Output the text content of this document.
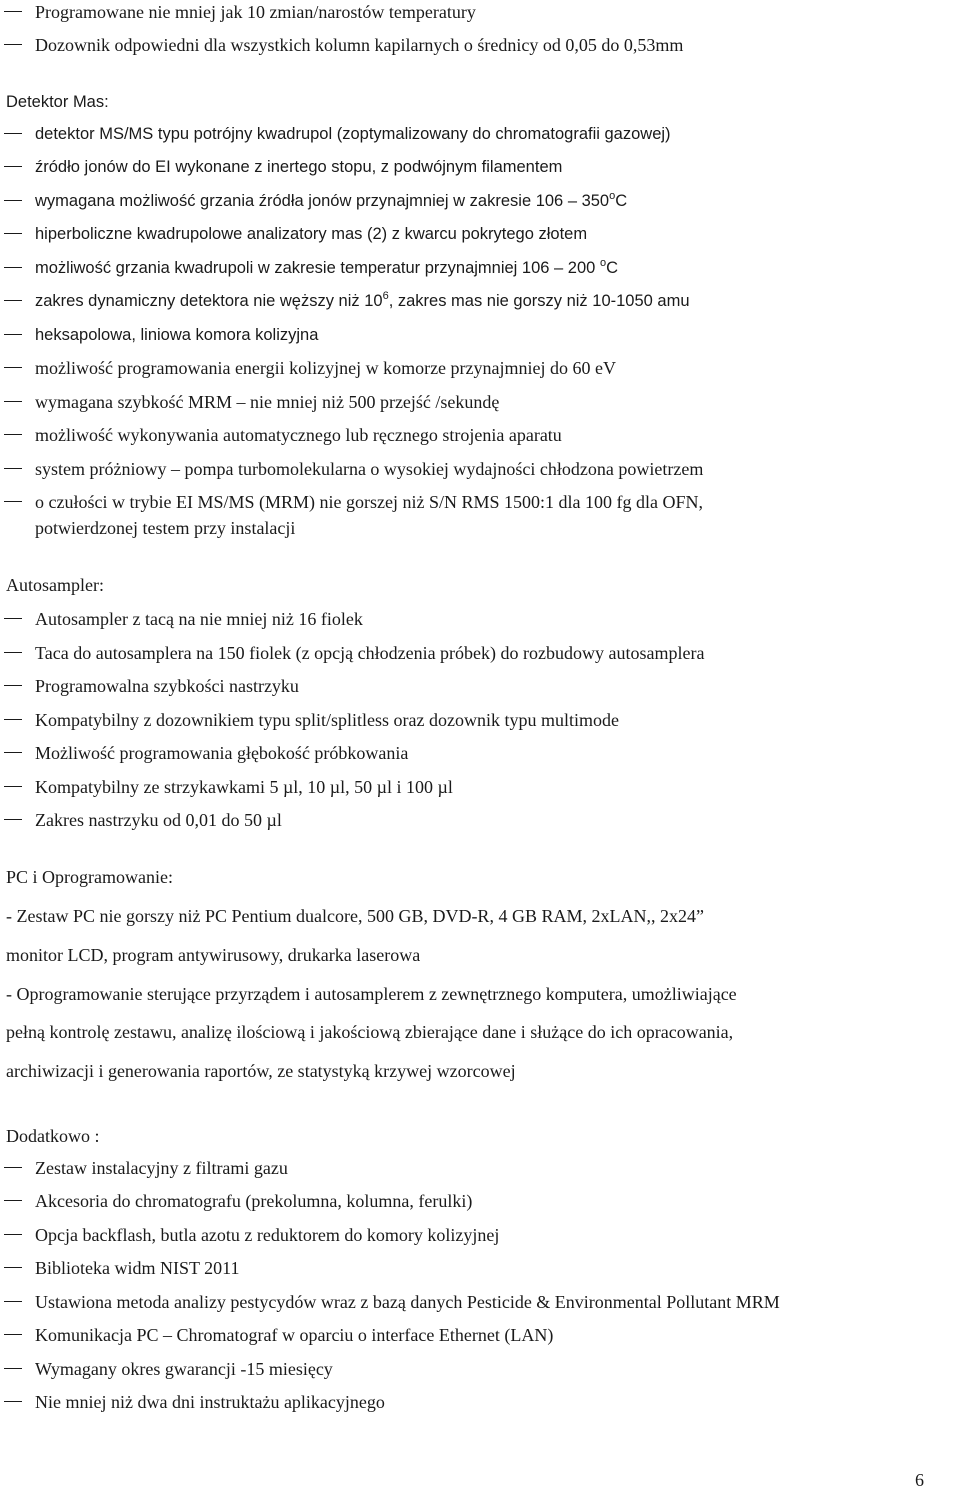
Programowane nie mniej jak 10 zmian/narostów temperatury
Dozownik odpowiedni dla wszystkich kolumn kapilarnych o średnicy od 0,05 do 0,53mm
Detektor Mas:
detektor MS/MS typu potrójny kwadrupol (zoptymalizowany do chromatografii gazowej)
źródło jonów do EI wykonane z inertego stopu, z podwójnym filamentem
wymagana możliwość grzania źródła jonów przynajmniej w zakresie 106 – 350$^o$C
hiperboliczne kwadrupolowe analizatory mas (2) z kwarcu pokrytego złotem
możliwość grzania kwadrupoli w zakresie temperatur przynajmniej 106 – 200 $^o$C
zakres dynamiczny detektora nie węższy niż $10^6$, zakres mas nie gorszy niż 10-1050 amu
heksapolowa, liniowa komora kolizyjna
możliwość programowania energii kolizyjnej w komorze przynajmniej do 60 eV
wymagana szybkość MRM – nie mniej niż 500 przejść /sekundę
możliwość wykonywania automatycznego lub ręcznego strojenia aparatu
system próżniowy – pompa turbomolekularna o wysokiej wydajności chłodzona powietrzem
o czułości w trybie EI MS/MS (MRM) nie gorszej niż S/N RMS 1500:1 dla 100 fg dla OFN,
potwierdzonej testem przy instalacji
Autosampler:
Autosampler z tacą na nie mniej niż 16 fiolek
Taca do autosamplera na 150 fiolek (z opcją chłodzenia próbek) do rozbudowy autosamplera
Programowalna szybkości nastrzyku
Kompatybilny z dozownikiem typu split/splitless oraz dozownik typu multimode
Możliwość programowania głębokość próbkowania
Kompatybilny ze strzykawkami 5 µl, 10 µl, 50 µl i 100 µl
Zakres nastrzyku od 0,01 do 50 µl
PC i Oprogramowanie:
- Zestaw PC nie gorszy niż PC Pentium dualcore, 500 GB, DVD-R, 4 GB RAM, 2xLAN,, 2x24”
monitor LCD, program antywirusowy, drukarka laserowa
- Oprogramowanie sterujące przyrządem i autosamplerem z zewnętrznego komputera, umożliwiające
pełną kontrolę zestawu, analizę ilościową i jakościową zbierające dane i służące do ich opracowania,
archiwizacji i generowania raportów, ze statystyką krzywej wzorcowej
Dodatkowo :
Zestaw instalacyjny z filtrami gazu
Akcesoria do chromatografu (prekolumna, kolumna, ferulki)
Opcja backflash, butla azotu z reduktorem do komory kolizyjnej
Biblioteka widm NIST 2011
Ustawiona metoda analizy pestycydów wraz z bazą danych Pesticide & Environmental Pollutant MRM
Komunikacja PC – Chromatograf w oparciu o interface Ethernet (LAN)
Wymagany okres gwarancji -15 miesięcy
Nie mniej niż dwa dni instruktażu aplikacyjnego
6
